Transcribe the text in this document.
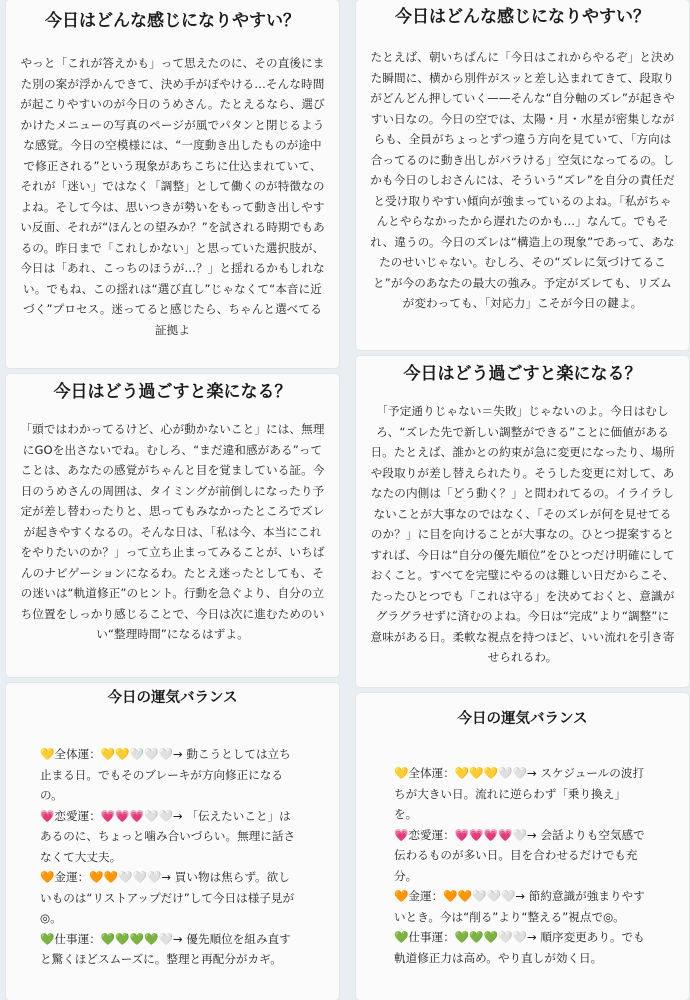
今日はどんな感じになりやすい？

やっと「これが答えかも」って思えたのに、その直後にまた別の案が浮かんできて、決め手がぼやける…そんな時間が起こりやすいのが今日のうめさん。たとえるなら、選びかけたメニューの写真のページが風でパタンと閉じるような感覚。今日の空模様には、“一度動き出したものが途中で修正される”という現象があちこちに仕込まれていて、それが「迷い」ではなく「調整」として働くのが特徴なのよね。そして今は、思いつきが勢いをもって動き出しやすい反面、それが“ほんとの望みか？”を試される時期でもあるの。昨日まで「これしかない」と思っていた選択肢が、今日は「あれ、こっちのほうが…？」と揺れるかもしれない。でもね、この揺れは“選び直し”じゃなくて“本音に近づく”プロセス。迷ってると感じたら、ちゃんと選べてる証拠よ

今日はどう過ごすと楽になる？

「頭ではわかってるけど、心が動かないこと」には、無理にGOを出さないでね。むしろ、“まだ違和感がある”ってことは、あなたの感覚がちゃんと目を覚ましている証。今日のうめさんの周囲は、タイミングが前倒しになったり予定が差し替わったりと、思ってもみなかったところでズレが起きやすくなるの。そんな日は、「私は今、本当にこれをやりたいのか？」って立ち止まってみることが、いちばんのナビゲーションになるわ。たとえ迷ったとしても、その迷いは“軌道修正”のヒント。行動を急ぐより、自分の立ち位置をしっかり感じることで、今日は次に進むためのいい“整理時間”になるはずよ。

今日の運気バランス
💛全体運：💛💛🤍🤍🤍→ 動こうとしては立ち止まる日。でもそのブレーキが方向修正になるの。
💗恋愛運：💗💗💗🤍🤍→ 「伝えたいこと」はあるのに、ちょっと噛み合いづらい。無理に話さなくて大丈夫。
🧡金運：🧡🧡🤍🤍🤍→ 買い物は焦らず。欲しいものは“リストアップだけ”して今日は様子見が◎。
💚仕事運：💚💚💚💚🤍→ 優先順位を組み直すと驚くほどスムーズに。整理と再配分がカギ。
今日はどんな感じになりやすい？

たとえば、朝いちばんに「今日はこれからやるぞ」と決めた瞬間に、横から別件がスッと差し込まれてきて、段取りがどんどん押していく——そんな“自分軸のズレ”が起きやすい日なの。今日の空では、太陽・月・水星が密集しながらも、全員がちょっとずつ違う方向を見ていて、「方向は合ってるのに動き出しがバラける」空気になってるの。しかも今日のしおさんには、そういう“ズレ”を自分の責任だと受け取りやすい傾向が強まっているのよね。「私がちゃんとやらなかったから遅れたのかも…」なんて。でもそれ、違うの。今日のズレは“構造上の現象”であって、あなたのせいじゃない。むしろ、その“ズレに気づけてること”が今のあなたの最大の強み。予定がズレても、リズムが変わっても、「対応力」こそが今日の鍵よ。

今日はどう過ごすと楽になる？

「予定通りじゃない＝失敗」じゃないのよ。今日はむしろ、“ズレた先で新しい調整ができる”ことに価値がある日。たとえば、誰かとの約束が急に変更になったり、場所や段取りが差し替えられたり。そうした変更に対して、あなたの内側は「どう動く？」と問われてるの。イライラしないことが大事なのではなく、「そのズレが何を見せてるのか？」に目を向けることが大事なの。ひとつ提案するとすれば、今日は“自分の優先順位”をひとつだけ明確にしておくこと。すべてを完璧にやるのは難しい日だからこそ、たったひとつでも「これは守る」を決めておくと、意識がグラグラせずに済むのよね。今日は“完成”より“調整”に意味がある日。柔軟な視点を持つほど、いい流れを引き寄せられるわ。

今日の運気バランス
💛全体運：💛💛💛🤍🤍→ スケジュールの波打ちが大きい日。流れに逆らわず「乗り換え」を。
💗恋愛運：💗💗💗💗🤍→ 会話よりも空気感で伝わるものが多い日。目を合わせるだけでも充分。
🧡金運：🧡🧡🤍🤍🤍→ 節約意識が強まりやすいとき。今は“削る”より“整える”視点で◎。
💚仕事運：💚💚💚🤍🤍→ 順序変更あり。でも軌道修正力は高め。やり直しが効く日。
